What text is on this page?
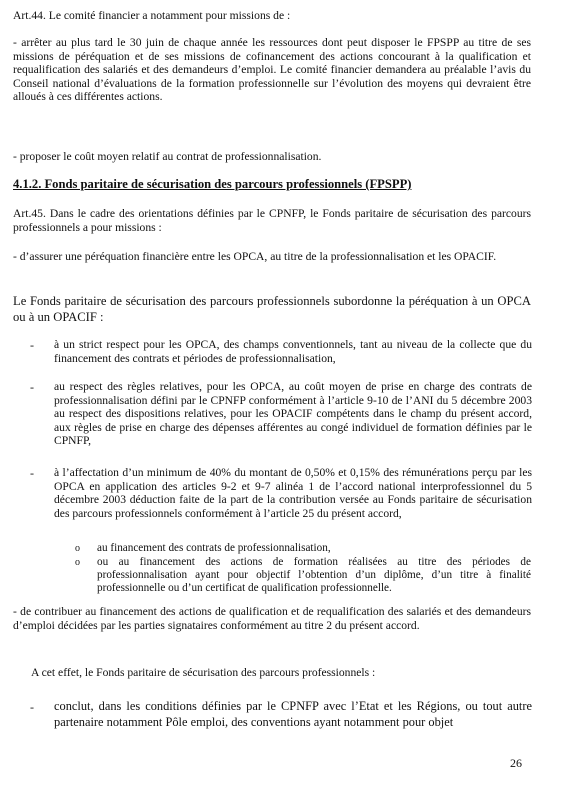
Art.44. Le comité financier a notamment pour missions de :

- arrêter au plus tard le 30 juin de chaque année les ressources dont peut disposer le FPSPP au titre de ses missions de péréquation et de ses missions de cofinancement des actions concourant à la qualification et requalification des salariés et des demandeurs d’emploi. Le comité financier demandera au préalable l’avis du Conseil national d’évaluations de la formation professionnelle sur l’évolution des moyens qui devraient être alloués à ces différentes actions.

- proposer le coût moyen relatif au contrat de professionnalisation.

4.1.2. Fonds paritaire de sécurisation des parcours professionnels (FPSPP)

Art.45. Dans le cadre des orientations définies par le CPNFP, le Fonds paritaire de sécurisation des parcours professionnels a pour missions :

- d’assurer une péréquation financière entre les OPCA, au titre de la professionnalisation et les OPACIF.

Le Fonds paritaire de sécurisation des parcours professionnels subordonne la péréquation à un OPCA ou à un OPACIF :

- à un strict respect pour les OPCA, des champs conventionnels, tant au niveau de la collecte que du financement des contrats et périodes de professionnalisation,

- au respect des règles relatives, pour les OPCA, au coût moyen de prise en charge des contrats de professionnalisation défini par le CPNFP conformément à l’article 9-10 de l’ANI du 5 décembre 2003 au respect des dispositions relatives, pour les OPACIF compétents dans le champ du présent accord, aux règles de prise en charge des dépenses afférentes au congé individuel de formation définies par le CPNFP,

- à l’affectation d’un minimum de 40% du montant de 0,50% et 0,15% des rémunérations perçu par les OPCA en application des articles 9-2 et 9-7 alinéa 1 de l’accord national interprofessionnel du 5 décembre 2003 déduction faite de la part de la contribution versée au Fonds paritaire de sécurisation des parcours professionnels conformément à l’article 25 du présent accord,

o au financement des contrats de professionnalisation,

o ou au financement des actions de formation réalisées au titre des périodes de professionnalisation ayant pour objectif l’obtention d’un diplôme, d’un titre à finalité professionnelle ou d’un certificat de qualification professionnelle.

- de contribuer au financement des actions de qualification et de requalification des salariés et des demandeurs d’emploi décidées par les parties signataires conformément au titre 2 du présent accord.

A cet effet, le Fonds paritaire de sécurisation des parcours professionnels :

- conclut, dans les conditions définies par le CPNFP avec l’Etat et les Régions, ou tout autre partenaire notamment Pôle emploi, des conventions ayant notamment pour objet

26
